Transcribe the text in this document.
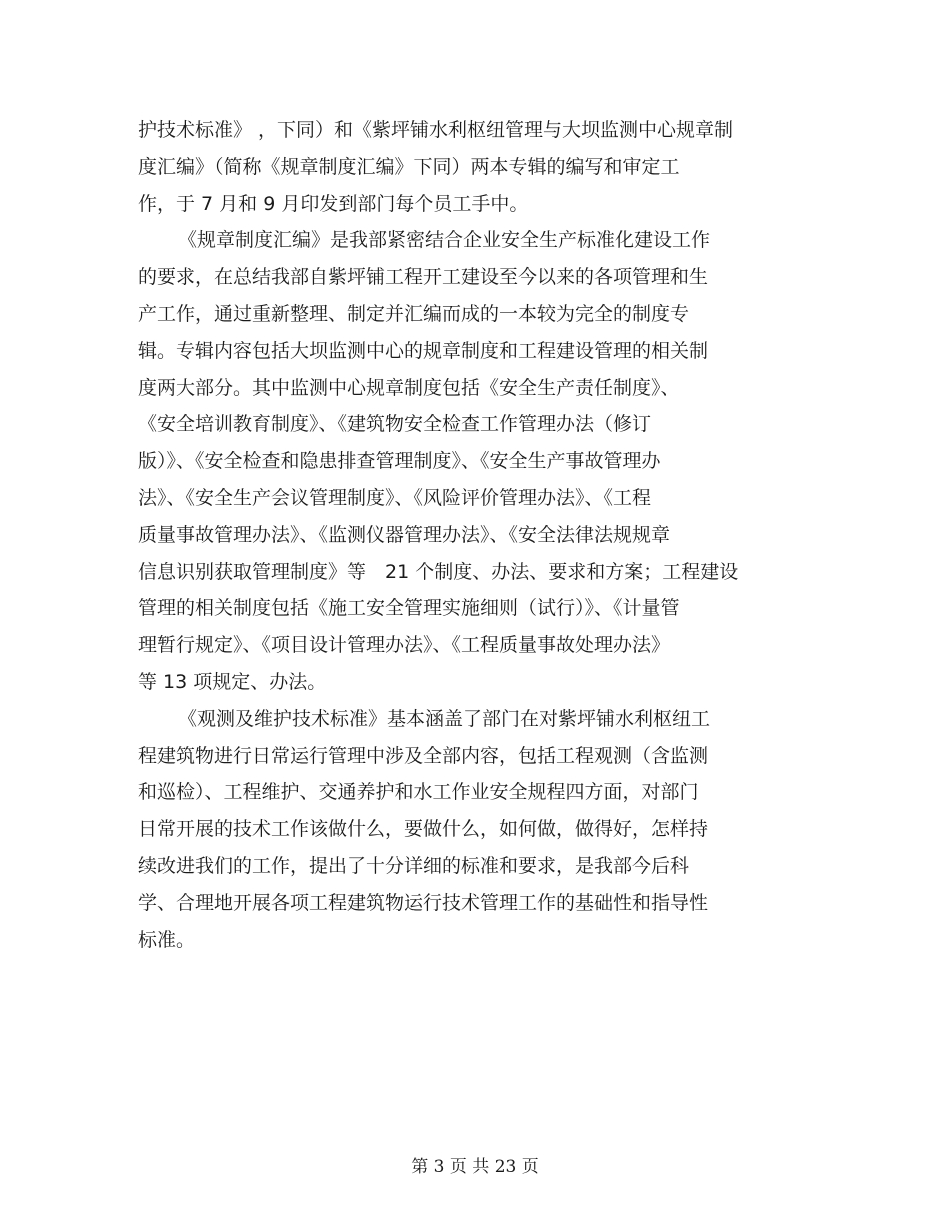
护技术标准》 ，下同）和《紫坪铺水利枢纽管理与大坝监测中心规章制
度汇编》（简称《规章制度汇编》下同）两本专辑的编写和审定工
作，于 7 月和 9 月印发到部门每个员工手中。
《规章制度汇编》是我部紧密结合企业安全生产标准化建设工作
的要求，在总结我部自紫坪铺工程开工建设至今以来的各项管理和生
产工作，通过重新整理、制定并汇编而成的一本较为完全的制度专
辑。专辑内容包括大坝监测中心的规章制度和工程建设管理的相关制
度两大部分。其中监测中心规章制度包括《安全生产责任制度》、
《安全培训教育制度》、《建筑物安全检查工作管理办法（修订
版）》、《安全检查和隐患排查管理制度》、《安全生产事故管理办
法》、《安全生产会议管理制度》、《风险评价管理办法》、《工程
质量事故管理办法》、《监测仪器管理办法》、《安全法律法规规章
信息识别获取管理制度》等　21 个制度、办法、要求和方案；工程建设
管理的相关制度包括《施工安全管理实施细则（试行）》、《计量管
理暂行规定》、《项目设计管理办法》、《工程质量事故处理办法》
等 13 项规定、办法。
《观测及维护技术标准》基本涵盖了部门在对紫坪铺水利枢纽工
程建筑物进行日常运行管理中涉及全部内容，包括工程观测（含监测
和巡检）、工程维护、交通养护和水工作业安全规程四方面，对部门
日常开展的技术工作该做什么，要做什么，如何做，做得好，怎样持
续改进我们的工作，提出了十分详细的标准和要求，是我部今后科
学、合理地开展各项工程建筑物运行技术管理工作的基础性和指导性
标准。
第 3 页 共 23 页
